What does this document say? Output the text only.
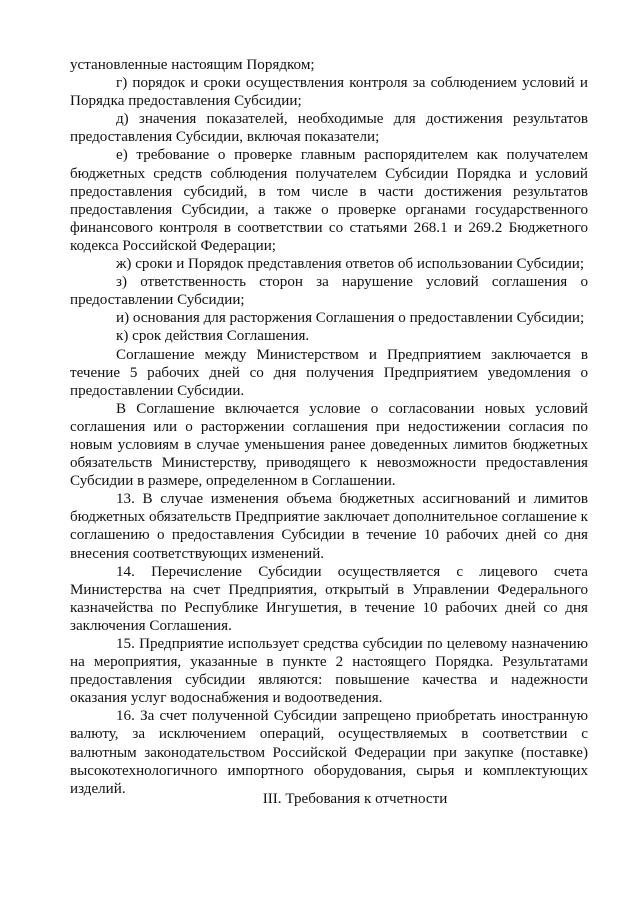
установленные настоящим Порядком;

г) порядок и сроки осуществления контроля за соблюдением условий и Порядка предоставления Субсидии;

д) значения показателей, необходимые для достижения результатов предоставления Субсидии, включая показатели;

е) требование о проверке главным распорядителем как получателем бюджетных средств соблюдения получателем Субсидии Порядка и условий предоставления субсидий, в том числе в части достижения результатов предоставления Субсидии, а также о проверке органами государственного финансового контроля в соответствии со статьями 268.1 и 269.2 Бюджетного кодекса Российской Федерации;

ж) сроки и Порядок представления ответов об использовании Субсидии;

з) ответственность сторон за нарушение условий соглашения о предоставлении Субсидии;

и) основания для расторжения Соглашения о предоставлении Субсидии;

к) срок действия Соглашения.

Соглашение между Министерством и Предприятием заключается в течение 5 рабочих дней со дня получения Предприятием уведомления о предоставлении Субсидии.

В Соглашение включается условие о согласовании новых условий соглашения или о расторжении соглашения при недостижении согласия по новым условиям в случае уменьшения ранее доведенных лимитов бюджетных обязательств Министерству, приводящего к невозможности предоставления Субсидии в размере, определенном в Соглашении.

13. В случае изменения объема бюджетных ассигнований и лимитов бюджетных обязательств Предприятие заключает дополнительное соглашение к соглашению о предоставления Субсидии в течение 10 рабочих дней со дня внесения соответствующих изменений.

14. Перечисление Субсидии осуществляется с лицевого счета Министерства на счет Предприятия, открытый в Управлении Федерального казначейства по Республике Ингушетия, в течение 10 рабочих дней со дня заключения Соглашения.

15. Предприятие использует средства субсидии по целевому назначению на мероприятия, указанные в пункте 2 настоящего Порядка. Результатами предоставления субсидии являются: повышение качества и надежности оказания услуг водоснабжения и водоотведения.

16. За счет полученной Субсидии запрещено приобретать иностранную валюту, за исключением операций, осуществляемых в соответствии с валютным законодательством Российской Федерации при закупке (поставке) высокотехнологичного импортного оборудования, сырья и комплектующих изделий.

III. Требования к отчетности
